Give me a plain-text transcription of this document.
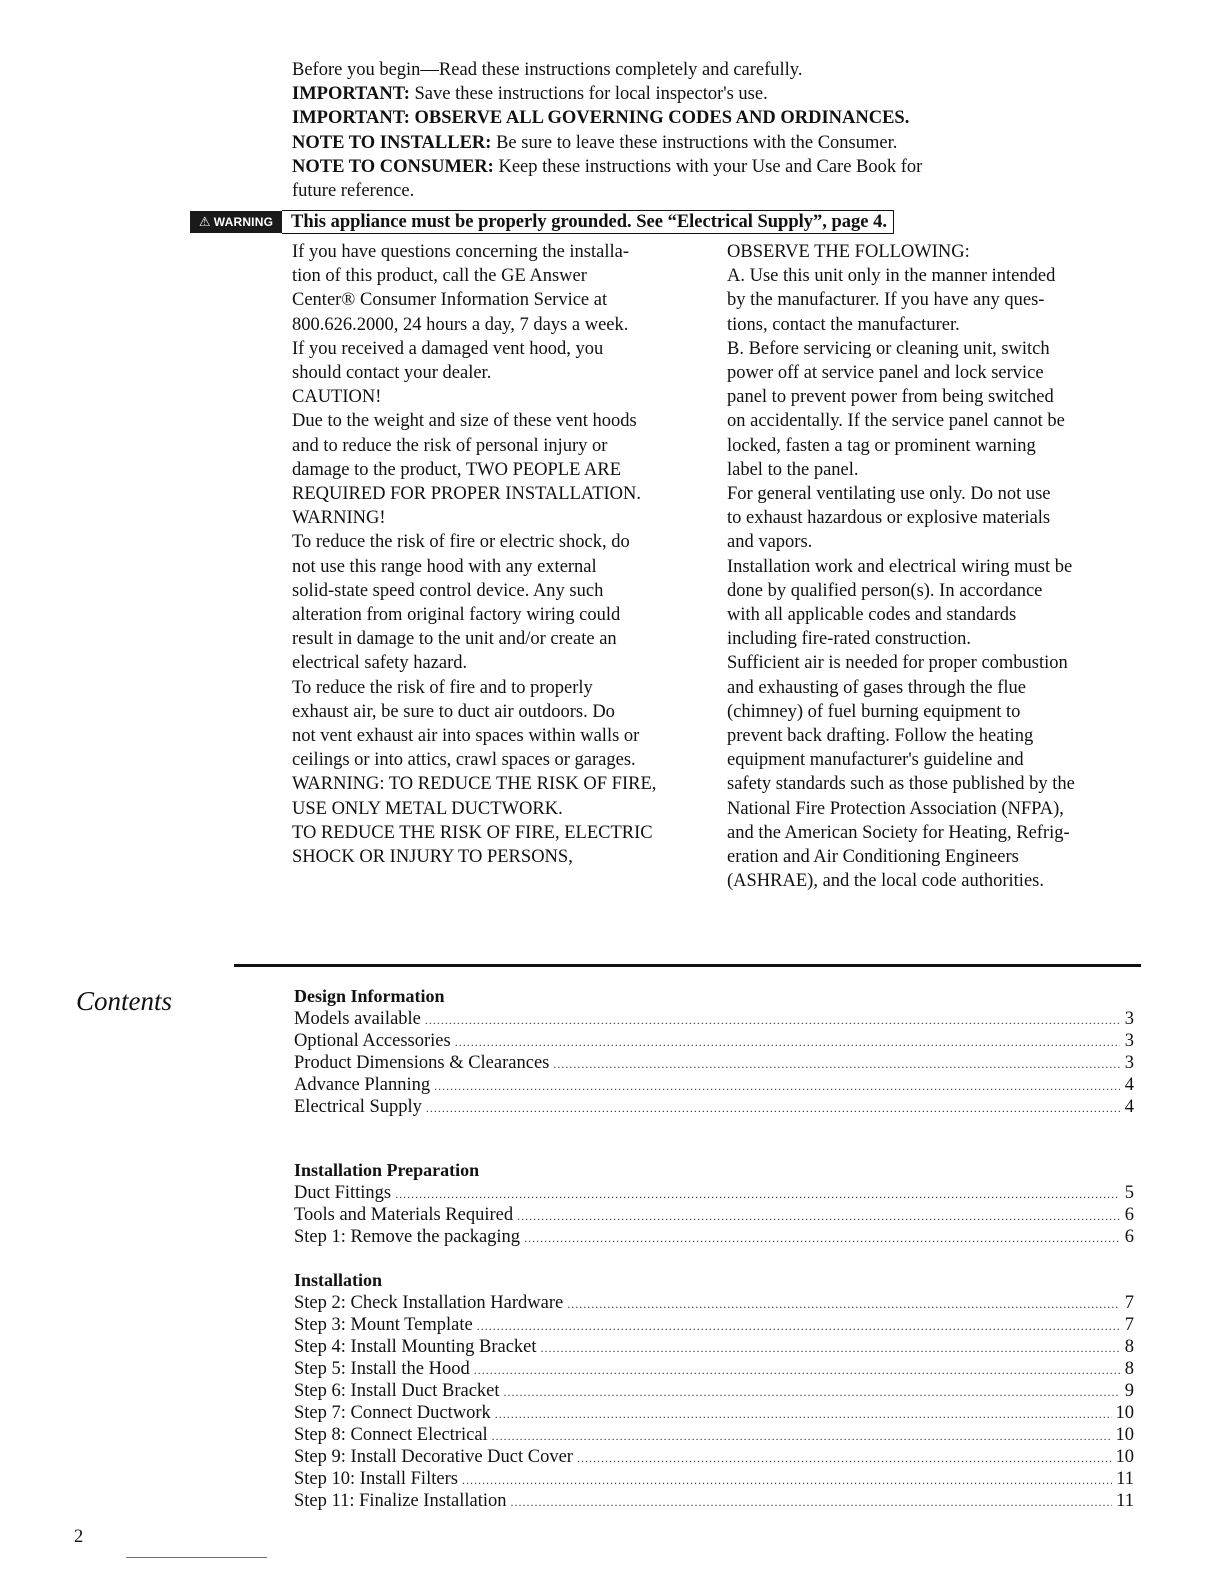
Before you begin—Read these instructions completely and carefully.

IMPORTANT: Save these instructions for local inspector's use.

IMPORTANT: OBSERVE ALL GOVERNING CODES AND ORDINANCES.

NOTE TO INSTALLER: Be sure to leave these instructions with the Consumer.

NOTE TO CONSUMER: Keep these instructions with your Use and Care Book for

future reference.

⚠ WARNING This appliance must be properly grounded. See “Electrical Supply”, page 4.

If you have questions concerning the installa-

tion of this product, call the GE Answer

Center® Consumer Information Service at

800.626.2000, 24 hours a day, 7 days a week.

If you received a damaged vent hood, you

should contact your dealer.

CAUTION!

Due to the weight and size of these vent hoods

and to reduce the risk of personal injury or

damage to the product, TWO PEOPLE ARE

REQUIRED FOR PROPER INSTALLATION.

WARNING!

To reduce the risk of fire or electric shock, do

not use this range hood with any external

solid-state speed control device. Any such

alteration from original factory wiring could

result in damage to the unit and/or create an

electrical safety hazard.

To reduce the risk of fire and to properly

exhaust air, be sure to duct air outdoors. Do

not vent exhaust air into spaces within walls or

ceilings or into attics, crawl spaces or garages.

WARNING: TO REDUCE THE RISK OF FIRE,

USE ONLY METAL DUCTWORK.

TO REDUCE THE RISK OF FIRE, ELECTRIC

SHOCK OR INJURY TO PERSONS,

OBSERVE THE FOLLOWING:

A. Use this unit only in the manner intended

by the manufacturer. If you have any ques-

tions, contact the manufacturer.

B. Before servicing or cleaning unit, switch

power off at service panel and lock service

panel to prevent power from being switched

on accidentally. If the service panel cannot be

locked, fasten a tag or prominent warning

label to the panel.

For general ventilating use only. Do not use

to exhaust hazardous or explosive materials

and vapors.

Installation work and electrical wiring must be

done by qualified person(s). In accordance

with all applicable codes and standards

including fire-rated construction.

Sufficient air is needed for proper combustion

and exhausting of gases through the flue

(chimney) of fuel burning equipment to

prevent back drafting. Follow the heating

equipment manufacturer's guideline and

safety standards such as those published by the

National Fire Protection Association (NFPA),

and the American Society for Heating, Refrig-

eration and Air Conditioning Engineers

(ASHRAE), and the local code authorities.

Contents	Design Information
Models available .....	3
Optional Accessories .....	3
Product Dimensions & Clearances .....	3
Advance Planning .....	4
Electrical Supply .....	4
Installation Preparation
Duct Fittings .....	5
Tools and Materials Required .....	6
Step 1: Remove the packaging .....	6
Installation
Step 2: Check Installation Hardware .....	7
Step 3: Mount Template .....	7
Step 4: Install Mounting Bracket .....	8
Step 5: Install the Hood .....	8
Step 6: Install Duct Bracket .....	9
Step 7: Connect Ductwork .....	10
Step 8: Connect Electrical .....	10
Step 9: Install Decorative Duct Cover .....	10
Step 10: Install Filters .....	11
Step 11: Finalize Installation .....	11
2
